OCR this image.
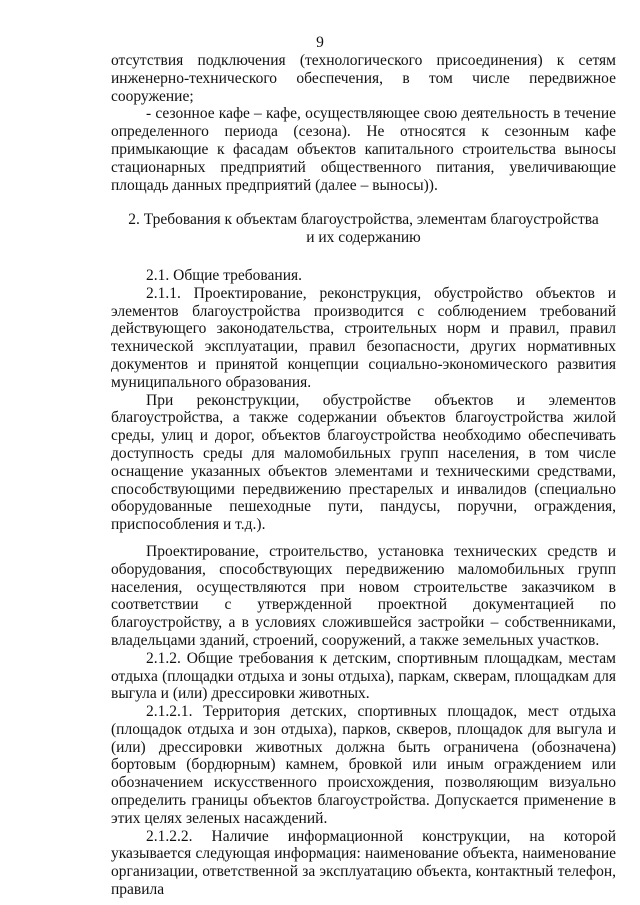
9

отсутствия подключения (технологического присоединения) к сетям инженерно-технического обеспечения, в том числе передвижное сооружение;

- сезонное кафе – кафе, осуществляющее свою деятельность в течение определенного периода (сезона). Не относятся к сезонным кафе примыкающие к фасадам объектов капитального строительства выносы стационарных предприятий общественного питания, увеличивающие площадь данных предприятий (далее – выносы)).

2. Требования к объектам благоустройства, элементам благоустройства

и их содержанию

2.1. Общие требования.

2.1.1. Проектирование, реконструкция, обустройство объектов и элементов благоустройства производится с соблюдением требований действующего законодательства, строительных норм и правил, правил технической эксплуатации, правил безопасности, других нормативных документов и принятой концепции социально-экономического развития муниципального образования.

При реконструкции, обустройстве объектов и элементов благоустройства, а также содержании объектов благоустройства жилой среды, улиц и дорог, объектов благоустройства необходимо обеспечивать доступность среды для маломобильных групп населения, в том числе оснащение указанных объектов элементами и техническими средствами, способствующими передвижению престарелых и инвалидов (специально оборудованные пешеходные пути, пандусы, поручни, ограждения, приспособления и т.д.).

Проектирование, строительство, установка технических средств и оборудования, способствующих передвижению маломобильных групп населения, осуществляются при новом строительстве заказчиком в соответствии с утвержденной проектной документацией по благоустройству, а в условиях сложившейся застройки – собственниками, владельцами зданий, строений, сооружений, а также земельных участков.

2.1.2. Общие требования к детским, спортивным площадкам, местам отдыха (площадки отдыха и зоны отдыха), паркам, скверам, площадкам для выгула и (или) дрессировки животных.

2.1.2.1. Территория детских, спортивных площадок, мест отдыха (площадок отдыха и зон отдыха), парков, скверов, площадок для выгула и (или) дрессировки животных должна быть ограничена (обозначена) бортовым (бордюрным) камнем, бровкой или иным ограждением или обозначением искусственного происхождения, позволяющим визуально определить границы объектов благоустройства. Допускается применение в этих целях зеленых насаждений.

2.1.2.2. Наличие информационной конструкции, на которой указывается следующая информация: наименование объекта, наименование организации, ответственной за эксплуатацию объекта, контактный телефон, правила
